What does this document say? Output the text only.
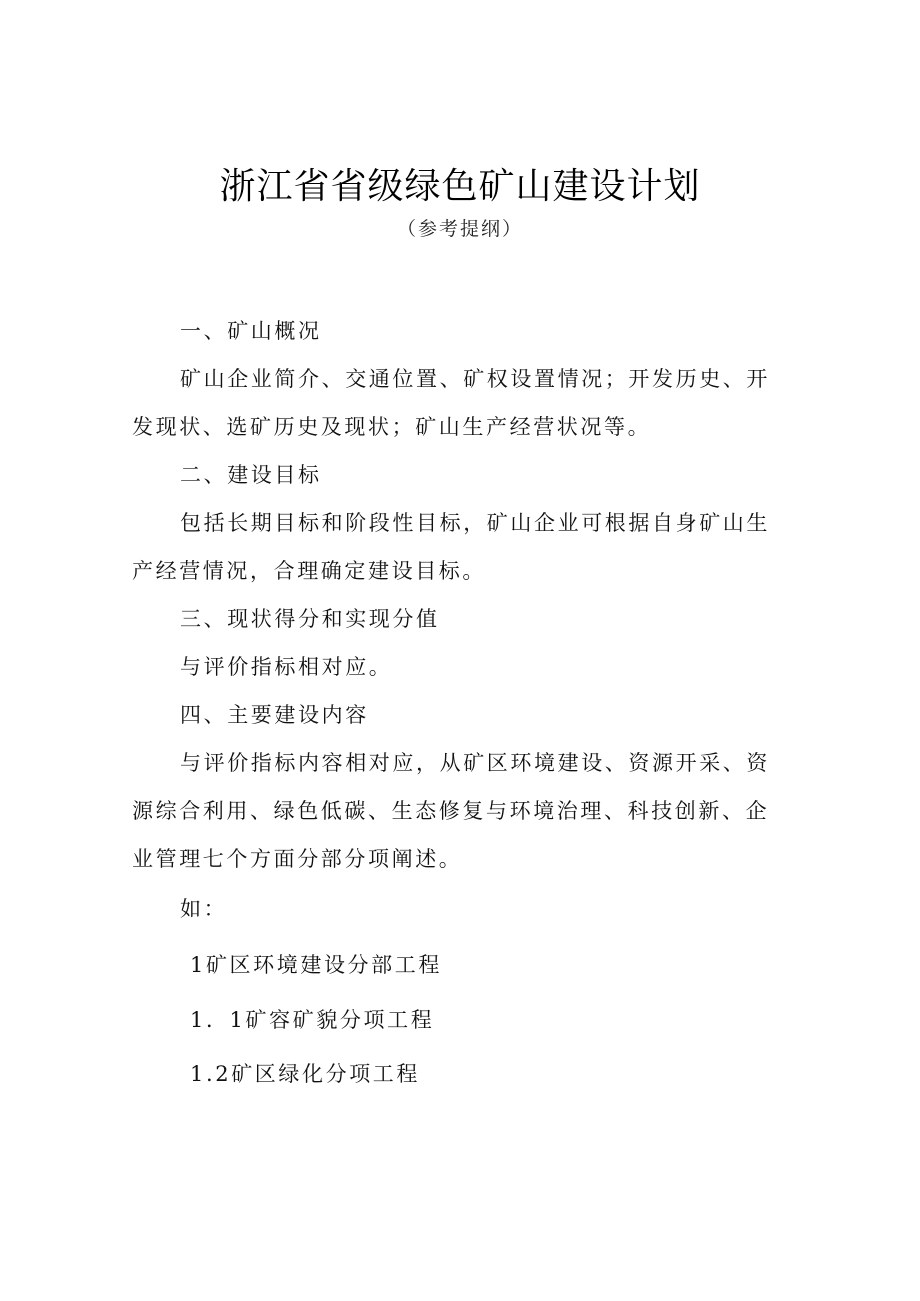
浙江省省级绿色矿山建设计划
（参考提纲）
一、矿山概况
矿山企业简介、交通位置、矿权设置情况；开发历史、开
发现状、选矿历史及现状；矿山生产经营状况等。
二、建设目标
包括长期目标和阶段性目标，矿山企业可根据自身矿山生
产经营情况，合理确定建设目标。
三、现状得分和实现分值
与评价指标相对应。
四、主要建设内容
与评价指标内容相对应，从矿区环境建设、资源开采、资
源综合利用、绿色低碳、生态修复与环境治理、科技创新、企
业管理七个方面分部分项阐述。
如：
1矿区环境建设分部工程
1．1矿容矿貌分项工程
1.2矿区绿化分项工程
